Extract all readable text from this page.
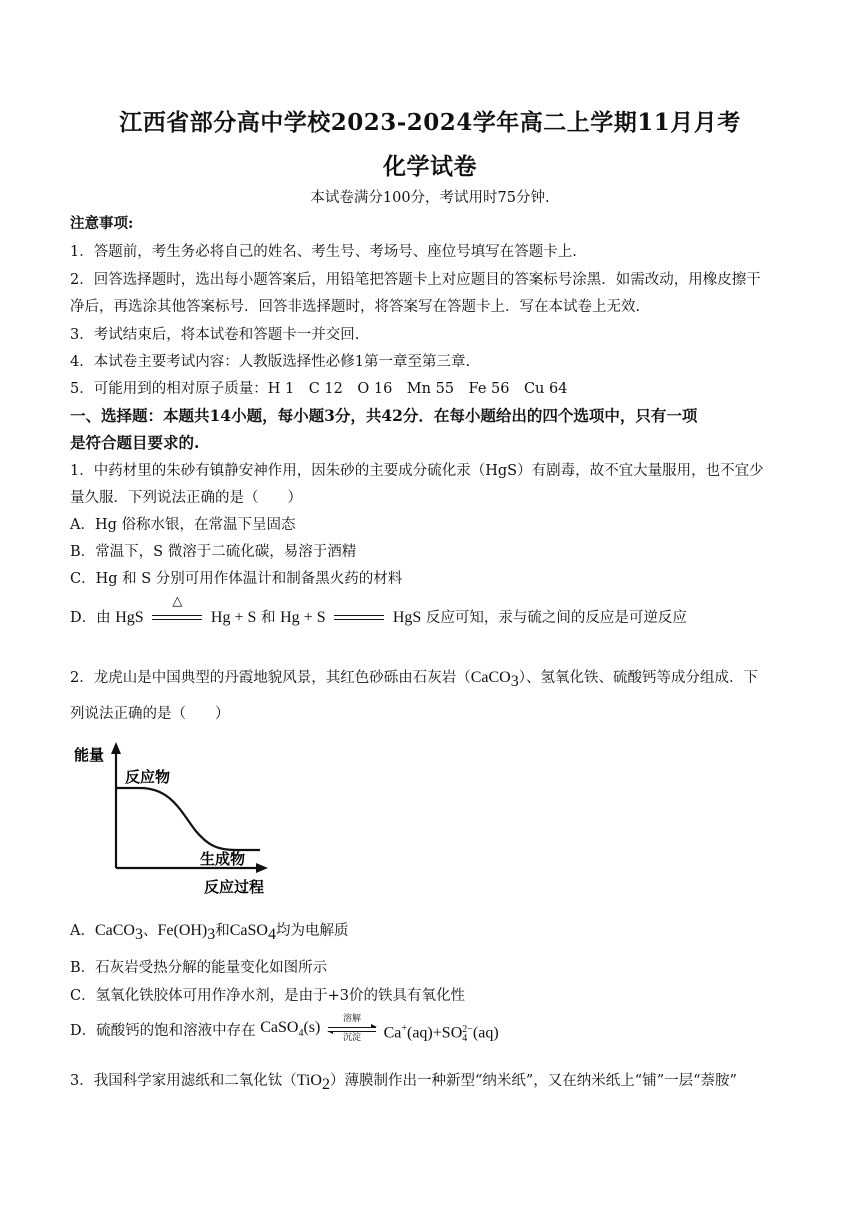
江西省部分高中学校2023-2024学年高二上学期11月月考
化学试卷
本试卷满分100分，考试用时75分钟.
注意事项:
1．答题前，考生务必将自己的姓名、考生号、考场号、座位号填写在答题卡上.
2．回答选择题时，选出每小题答案后，用铅笔把答题卡上对应题目的答案标号涂黑．如需改动，用橡皮擦干
净后，再选涂其他答案标号．回答非选择题时，将答案写在答题卡上．写在本试卷上无效.
3．考试结束后，将本试卷和答题卡一并交回.
4．本试卷主要考试内容：人教版选择性必修1第一章至第三章.
5．可能用到的相对原子质量：H 1　C 12　O 16　Mn 55　Fe 56　Cu 64
一、选择题：本题共14小题，每小题3分，共42分．在每小题给出的四个选项中，只有一项
是符合题目要求的.
1．中药材里的朱砂有镇静安神作用，因朱砂的主要成分硫化汞（HgS）有剧毒，故不宜大量服用，也不宜少
量久服．下列说法正确的是（　　）
A．Hg 俗称水银，在常温下呈固态
B．常温下，S 微溶于二硫化碳，易溶于酒精
C．Hg 和 S 分别可用作体温计和制备黑火药的材料
D．由 HgS
△
Hg + S 和 Hg + S	HgS 反应可知，汞与硫之间的反应是可逆反应
2．龙虎山是中国典型的丹霞地貌风景，其红色砂砾由石灰岩（CaCO$_3$）、氢氧化铁、硫酸钙等成分组成．下
列说法正确的是（　　）
能量
反应物
生成物
反应过程
A．CaCO$_3$、$Fe(OH)_3$和CaSO$_4$均为电解质
B．石灰岩受热分解的能量变化如图所示
C．氢氧化铁胶体可用作净水剂，是由于+3价的铁具有氧化性
D．硫酸钙的饱和溶液中存在 CaSO$_4$(s)	溶解
沉淀	Ca+(aq)+SO 2−
4 (aq)
3．我国科学家用滤纸和二氧化钛（TiO$_2$）薄膜制作出一种新型“纳米纸”，又在纳米纸上“铺”一层“萘胺”
